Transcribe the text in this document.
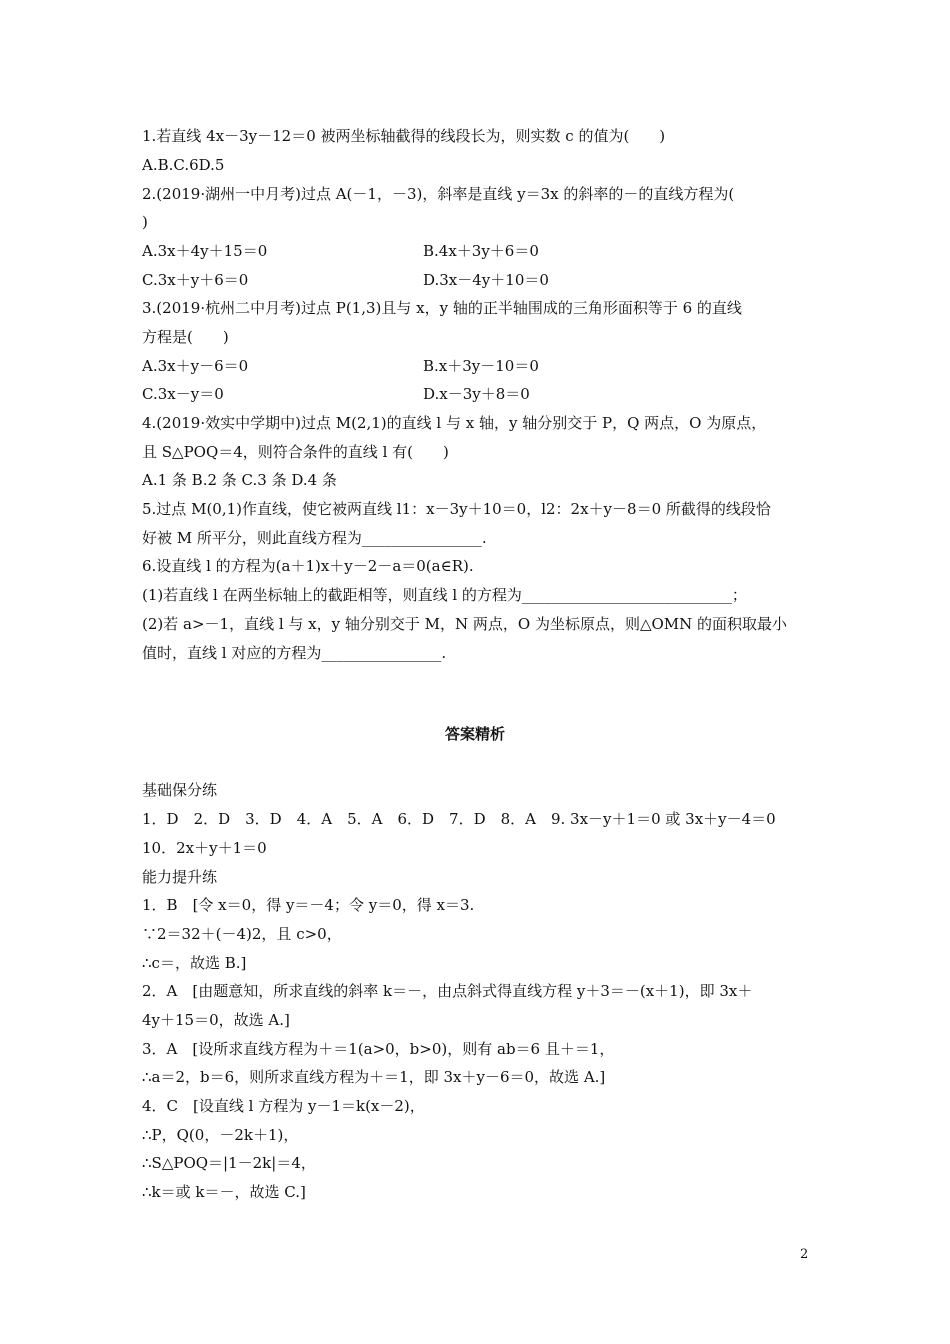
1.若直线 4x－3y－12＝0 被两坐标轴截得的线段长为，则实数 c 的值为(　　)
A.B.C.6D.5
2.(2019·湖州一中月考)过点 A(－1，－3)，斜率是直线 y＝3x 的斜率的－的直线方程为(
)
A.3x＋4y＋15＝0	B.4x＋3y＋6＝0
C.3x＋y＋6＝0	D.3x－4y＋10＝0
3.(2019·杭州二中月考)过点 P(1,3)且与 x，y 轴的正半轴围成的三角形面积等于 6 的直线
方程是(　　)
A.3x＋y－6＝0	B.x＋3y－10＝0
C.3x－y＝0	D.x－3y＋8＝0
4.(2019·效实中学期中)过点 M(2,1)的直线 l 与 x 轴，y 轴分别交于 P，Q 两点，O 为原点，
且 S△POQ＝4，则符合条件的直线 l 有(　　)
A.1 条 B.2 条 C.3 条 D.4 条
5.过点 M(0,1)作直线，使它被两直线 l1：x－3y＋10＝0，l2：2x＋y－8＝0 所截得的线段恰
好被 M 所平分，则此直线方程为________________.
6.设直线 l 的方程为(a＋1)x＋y－2－a＝0(a∈R).
(1)若直线 l 在两坐标轴上的截距相等，则直线 l 的方程为____________________________；
(2)若 a>－1，直线 l 与 x，y 轴分别交于 M，N 两点，O 为坐标原点，则△OMN 的面积取最小
值时，直线 l 对应的方程为________________.
答案精析
基础保分练
1．D　2．D　3．D　4．A　5．A　6．D　7．D　8．A　9. 3x－y＋1＝0 或 3x＋y－4＝0
10．2x＋y＋1＝0
能力提升练
1．B　[令 x＝0，得 y＝－4；令 y＝0，得 x＝3.
∵2＝32＋(－4)2，且 c>0，
∴c＝，故选 B.]
2．A　[由题意知，所求直线的斜率 k＝－，由点斜式得直线方程 y＋3＝－(x＋1)，即 3x＋
4y＋15＝0，故选 A.]
3．A　[设所求直线方程为＋＝1(a>0，b>0)，则有 ab＝6 且＋＝1，
∴a＝2，b＝6，则所求直线方程为＋＝1，即 3x＋y－6＝0，故选 A.]
4．C　[设直线 l 方程为 y－1＝k(x－2)，
∴P，Q(0，－2k＋1)，
∴S△POQ＝|1－2k|＝4，
∴k＝或 k＝－，故选 C.]
2
